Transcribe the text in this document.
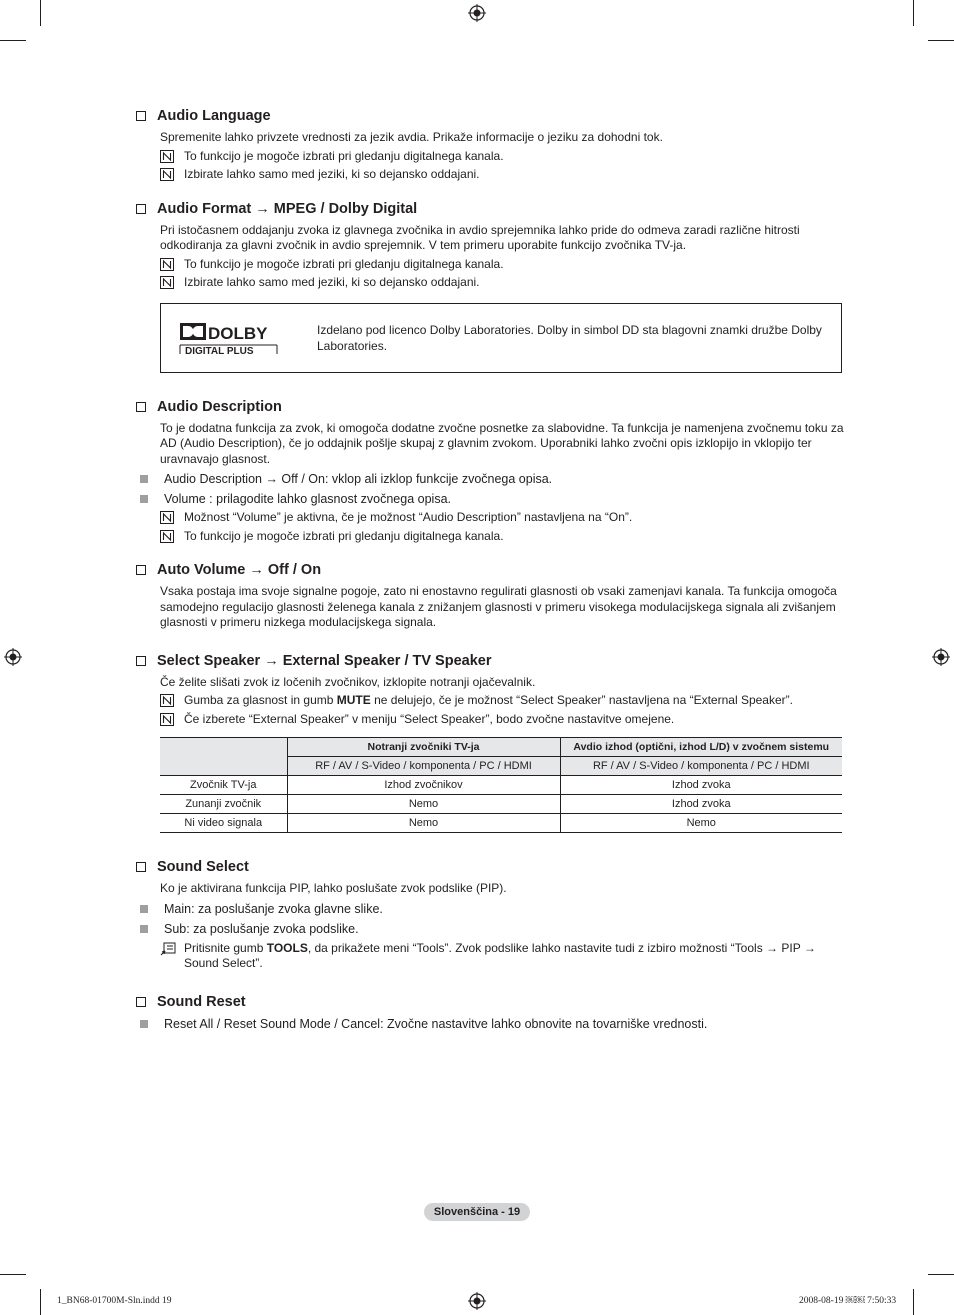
Audio Language
Spremenite lahko privzete vrednosti za jezik avdia. Prikaže informacije o jeziku za dohodni tok.
To funkcijo je mogoče izbrati pri gledanju digitalnega kanala.
Izbirate lahko samo med jeziki, ki so dejansko oddajani.
Audio Format → MPEG / Dolby Digital
Pri istočasnem oddajanju zvoka iz glavnega zvočnika in avdio sprejemnika lahko pride do odmeva zaradi različne hitrosti odkodiranja za glavni zvočnik in avdio sprejemnik. V tem primeru uporabite funkcijo zvočnika TV-ja.
To funkcijo je mogoče izbrati pri gledanju digitalnega kanala.
Izbirate lahko samo med jeziki, ki so dejansko oddajani.
DOLBY
DIGITAL PLUS
Izdelano pod licenco Dolby Laboratories. Dolby in simbol DD sta blagovni znamki družbe Dolby Laboratories.
Audio Description
To je dodatna funkcija za zvok, ki omogoča dodatne zvočne posnetke za slabovidne. Ta funkcija je namenjena zvočnemu toku za AD (Audio Description), če jo oddajnik pošlje skupaj z glavnim zvokom. Uporabniki lahko zvočni opis izklopijo in vklopijo ter uravnavajo glasnost.
Audio Description → Off / On: vklop ali izklop funkcije zvočnega opisa.
Volume : prilagodite lahko glasnost zvočnega opisa.
Možnost “Volume” je aktivna, če je možnost “Audio Description” nastavljena na “On”.
To funkcijo je mogoče izbrati pri gledanju digitalnega kanala.
Auto Volume → Off / On
Vsaka postaja ima svoje signalne pogoje, zato ni enostavno regulirati glasnosti ob vsaki zamenjavi kanala. Ta funkcija omogoča samodejno regulacijo glasnosti želenega kanala z znižanjem glasnosti v primeru visokega modulacijskega signala ali zvišanjem glasnosti v primeru nizkega modulacijskega signala.
Select Speaker → External Speaker / TV Speaker
Če želite slišati zvok iz ločenih zvočnikov, izklopite notranji ojačevalnik.
Gumba za glasnost in gumb MUTE ne delujejo, če je možnost “Select Speaker” nastavljena na “External Speaker”.
Če izberete “External Speaker” v meniju “Select Speaker”, bodo zvočne nastavitve omejene.
	Notranji zvočniki TV-ja	Avdio izhod (optični, izhod L/D) v zvočnem sistemu
	RF / AV / S-Video / komponenta / PC / HDMI	RF / AV / S-Video / komponenta / PC / HDMI
Zvočnik TV-ja	Izhod zvočnikov	Izhod zvoka
Zunanji zvočnik	Nemo	Izhod zvoka
Ni video signala	Nemo	Nemo
Sound Select
Ko je aktivirana funkcija PIP, lahko poslušate zvok podslike (PIP).
Main: za poslušanje zvoka glavne slike.
Sub: za poslušanje zvoka podslike.
Pritisnite gumb TOOLS, da prikažete meni “Tools”. Zvok podslike lahko nastavite tudi z izbiro možnosti “Tools → PIP → Sound Select”.
Sound Reset
Reset All / Reset Sound Mode / Cancel: Zvočne nastavitve lahko obnovite na tovarniške vrednosti.
Slovenščina - 19
1_BN68-01700M-Sln.indd 19	2008-08-19 ￼￼ 7:50:33
